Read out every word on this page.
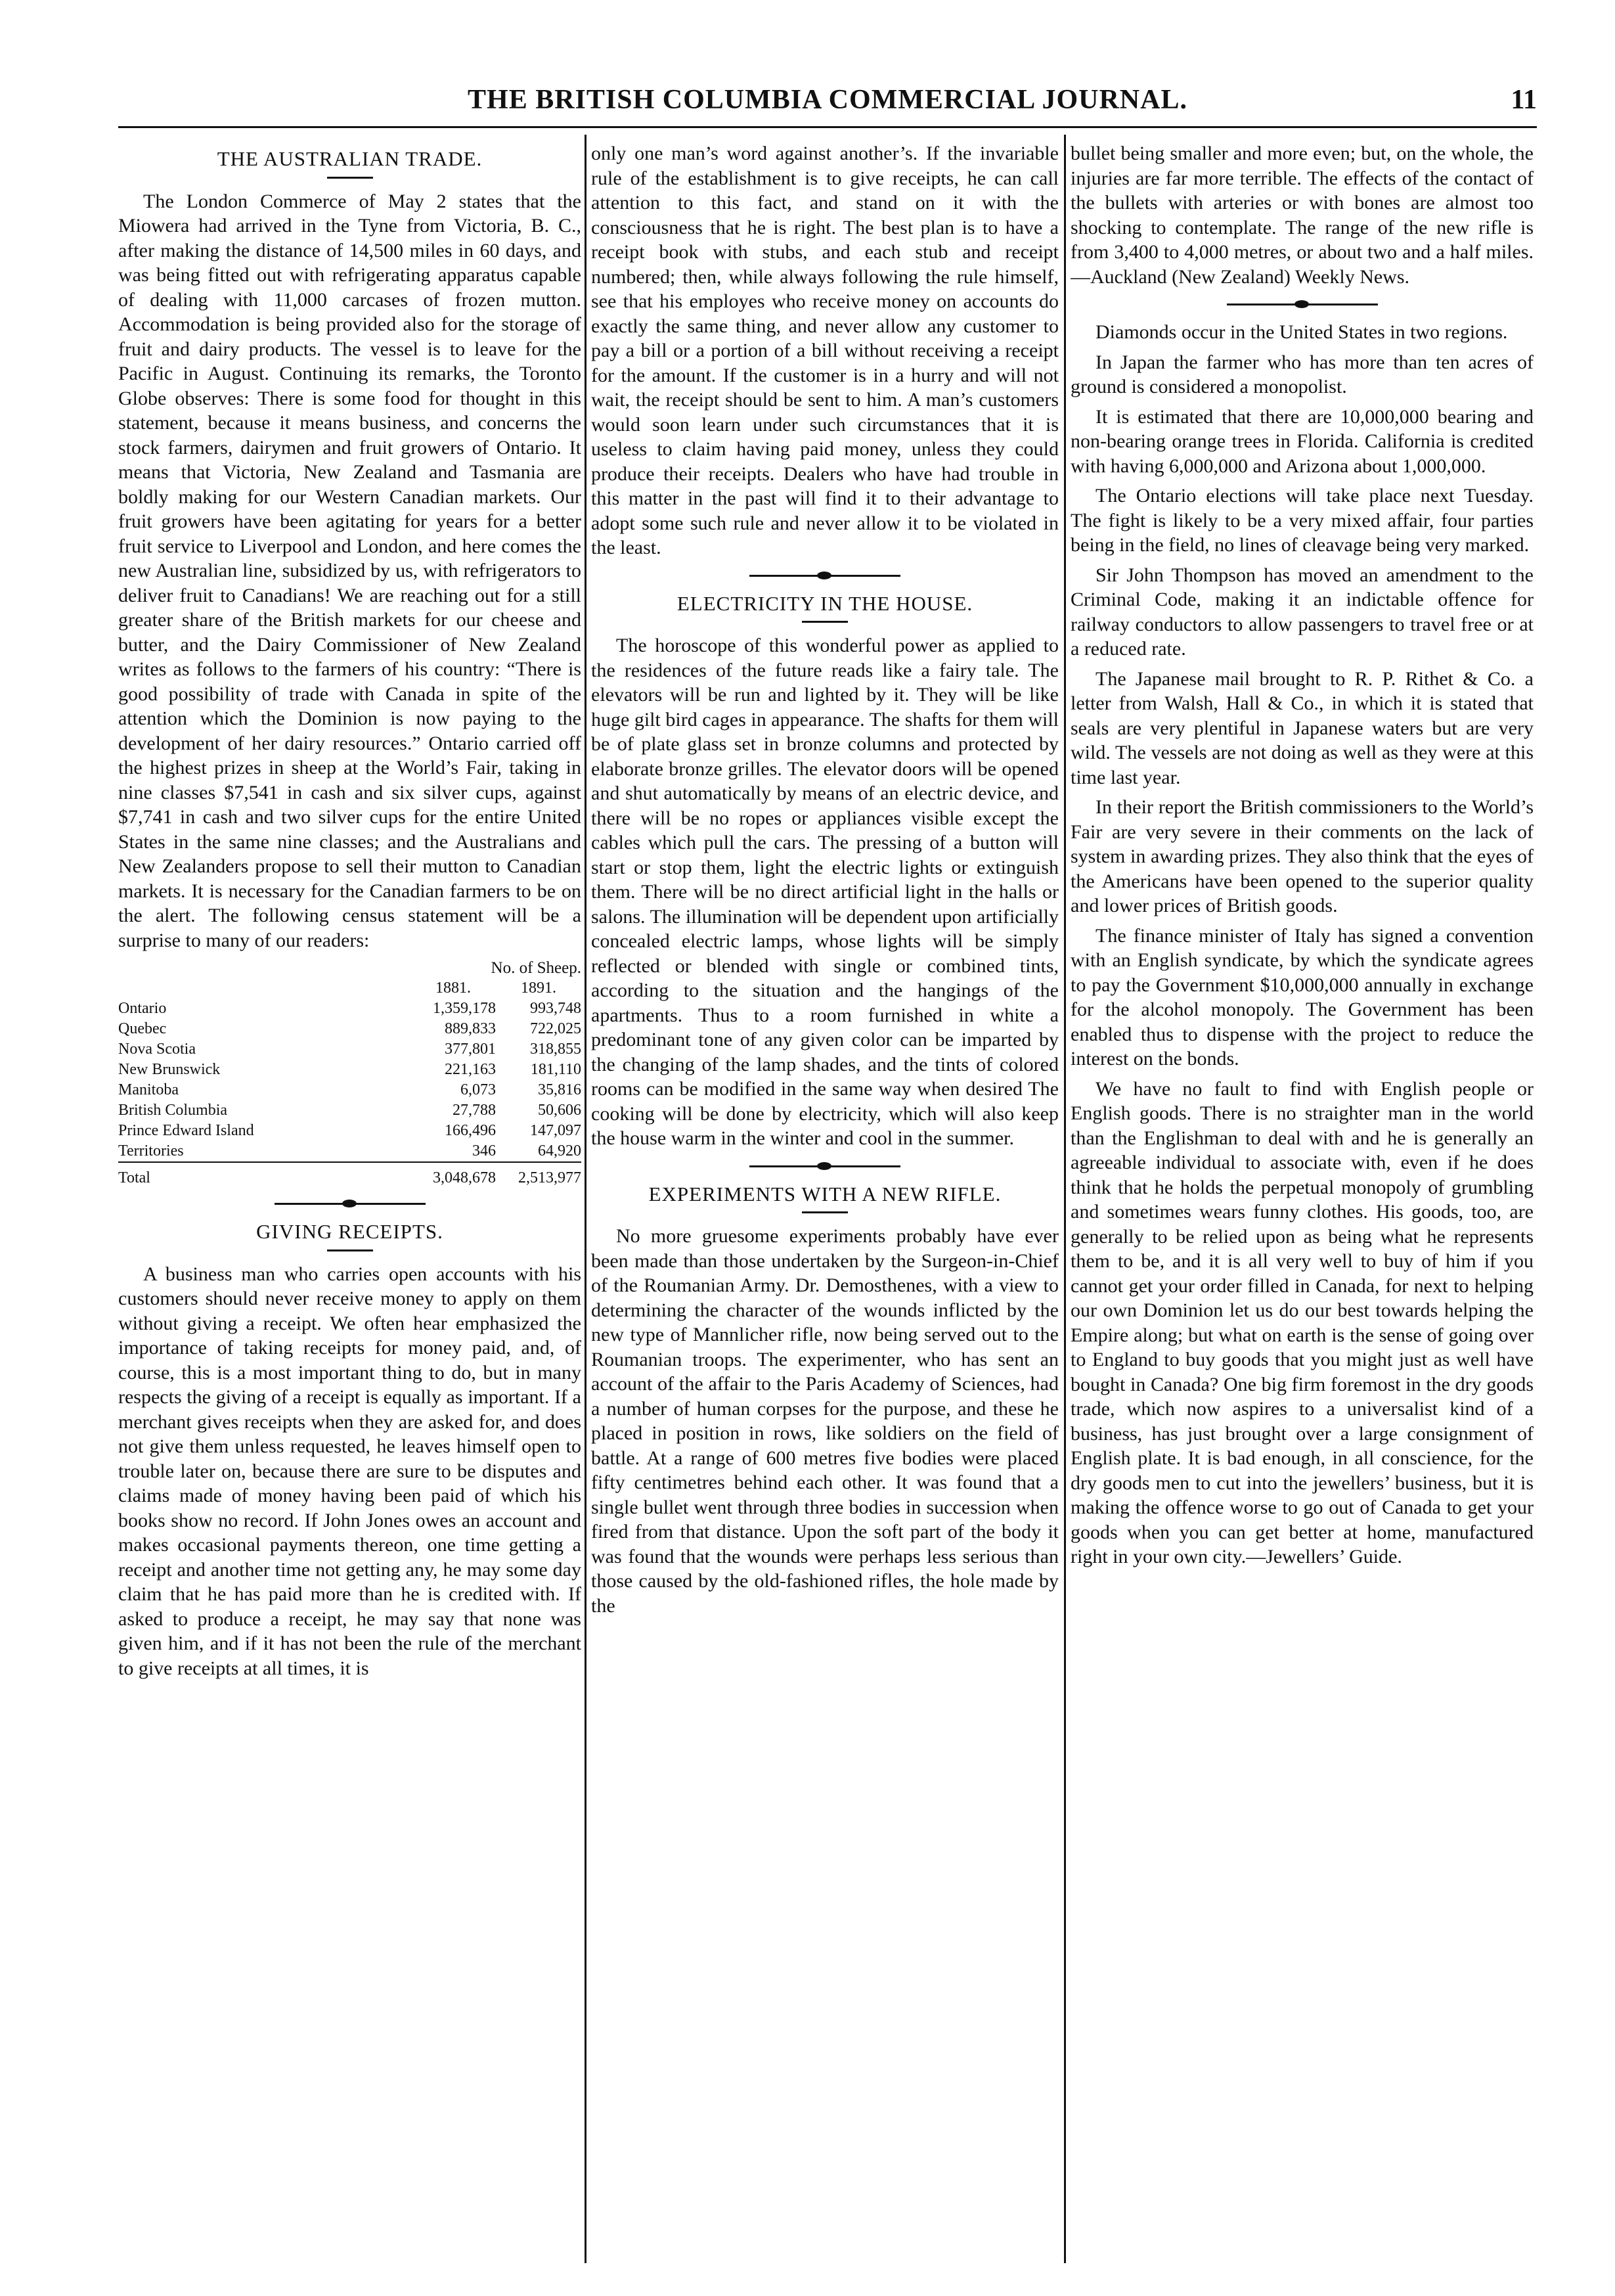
THE BRITISH COLUMBIA COMMERCIAL JOURNAL.	11
THE AUSTRALIAN TRADE.

The London Commerce of May 2 states that the Miowera had arrived in the Tyne from Victoria, B. C., after making the distance of 14,500 miles in 60 days, and was being fitted out with refrigerating apparatus capable of dealing with 11,000 carcases of frozen mutton. Accommodation is being provided also for the storage of fruit and dairy products. The vessel is to leave for the Pacific in August. Continuing its remarks, the Toronto Globe observes: There is some food for thought in this statement, because it means business, and concerns the stock farmers, dairymen and fruit growers of Ontario. It means that Victoria, New Zealand and Tasmania are boldly making for our Western Canadian markets. Our fruit growers have been agitating for years for a better fruit service to Liverpool and London, and here comes the new Australian line, subsidized by us, with refrigerators to deliver fruit to Canadians! We are reaching out for a still greater share of the British markets for our cheese and butter, and the Dairy Commissioner of New Zealand writes as follows to the farmers of his country: “There is good possibility of trade with Canada in spite of the attention which the Dominion is now paying to the development of her dairy resources.” Ontario carried off the highest prizes in sheep at the World’s Fair, taking in nine classes $7,541 in cash and six silver cups, against $7,741 in cash and two silver cups for the entire United States in the same nine classes; and the Australians and New Zealanders propose to sell their mutton to Canadian markets. It is necessary for the Canadian farmers to be on the alert. The following census statement will be a surprise to many of our readers:

	No. of Sheep.	
	1881.	1891.
Ontario	1,359,178	993,748
Quebec	889,833	722,025
Nova Scotia	377,801	318,855
New Brunswick	221,163	181,110
Manitoba	6,073	35,816
British Columbia	27,788	50,606
Prince Edward Island	166,496	147,097
Territories	346	64,920
Total	3,048,678	2,513,977
GIVING RECEIPTS.

A business man who carries open accounts with his customers should never receive money to apply on them without giving a receipt. We often hear emphasized the importance of taking receipts for money paid, and, of course, this is a most important thing to do, but in many respects the giving of a receipt is equally as important. If a merchant gives receipts when they are asked for, and does not give them unless requested, he leaves himself open to trouble later on, because there are sure to be disputes and claims made of money having been paid of which his books show no record. If John Jones owes an account and makes occasional payments thereon, one time getting a receipt and another time not getting any, he may some day claim that he has paid more than he is credited with. If asked to produce a receipt, he may say that none was given him, and if it has not been the rule of the merchant to give receipts at all times, it is

only one man’s word against another’s. If the invariable rule of the establishment is to give receipts, he can call attention to this fact, and stand on it with the consciousness that he is right. The best plan is to have a receipt book with stubs, and each stub and receipt numbered; then, while always following the rule himself, see that his employes who receive money on accounts do exactly the same thing, and never allow any customer to pay a bill or a portion of a bill without receiving a receipt for the amount. If the customer is in a hurry and will not wait, the receipt should be sent to him. A man’s customers would soon learn under such circumstances that it is useless to claim having paid money, unless they could produce their receipts. Dealers who have had trouble in this matter in the past will find it to their advantage to adopt some such rule and never allow it to be violated in the least.

ELECTRICITY IN THE HOUSE.

The horoscope of this wonderful power as applied to the residences of the future reads like a fairy tale. The elevators will be run and lighted by it. They will be like huge gilt bird cages in appearance. The shafts for them will be of plate glass set in bronze columns and protected by elaborate bronze grilles. The elevator doors will be opened and shut automatically by means of an electric device, and there will be no ropes or appliances visible except the cables which pull the cars. The pressing of a button will start or stop them, light the electric lights or extinguish them. There will be no direct artificial light in the halls or salons. The illumination will be dependent upon artificially concealed electric lamps, whose lights will be simply reflected or blended with single or combined tints, according to the situation and the hangings of the apartments. Thus to a room furnished in white a predominant tone of any given color can be imparted by the changing of the lamp shades, and the tints of colored rooms can be modified in the same way when desired The cooking will be done by electricity, which will also keep the house warm in the winter and cool in the summer.

EXPERIMENTS WITH A NEW RIFLE.

No more gruesome experiments probably have ever been made than those undertaken by the Surgeon-in-Chief of the Roumanian Army. Dr. Demosthenes, with a view to determining the character of the wounds inflicted by the new type of Mannlicher rifle, now being served out to the Roumanian troops. The experimenter, who has sent an account of the affair to the Paris Academy of Sciences, had a number of human corpses for the purpose, and these he placed in position in rows, like soldiers on the field of battle. At a range of 600 metres five bodies were placed fifty centimetres behind each other. It was found that a single bullet went through three bodies in succession when fired from that distance. Upon the soft part of the body it was found that the wounds were perhaps less serious than those caused by the old-fashioned rifles, the hole made by the

bullet being smaller and more even; but, on the whole, the injuries are far more terrible. The effects of the contact of the bullets with arteries or with bones are almost too shocking to contemplate. The range of the new rifle is from 3,400 to 4,000 metres, or about two and a half miles.—Auckland (New Zealand) Weekly News.

Diamonds occur in the United States in two regions.

In Japan the farmer who has more than ten acres of ground is considered a monopolist.

It is estimated that there are 10,000,000 bearing and non-bearing orange trees in Florida. California is credited with having 6,000,000 and Arizona about 1,000,000.

The Ontario elections will take place next Tuesday. The fight is likely to be a very mixed affair, four parties being in the field, no lines of cleavage being very marked.

Sir John Thompson has moved an amendment to the Criminal Code, making it an indictable offence for railway conductors to allow passengers to travel free or at a reduced rate.

The Japanese mail brought to R. P. Rithet & Co. a letter from Walsh, Hall & Co., in which it is stated that seals are very plentiful in Japanese waters but are very wild. The vessels are not doing as well as they were at this time last year.

In their report the British commissioners to the World’s Fair are very severe in their comments on the lack of system in awarding prizes. They also think that the eyes of the Americans have been opened to the superior quality and lower prices of British goods.

The finance minister of Italy has signed a convention with an English syndicate, by which the syndicate agrees to pay the Government $10,000,000 annually in exchange for the alcohol monopoly. The Government has been enabled thus to dispense with the project to reduce the interest on the bonds.

We have no fault to find with English people or English goods. There is no straighter man in the world than the Englishman to deal with and he is generally an agreeable individual to associate with, even if he does think that he holds the perpetual monopoly of grumbling and sometimes wears funny clothes. His goods, too, are generally to be relied upon as being what he represents them to be, and it is all very well to buy of him if you cannot get your order filled in Canada, for next to helping our own Dominion let us do our best towards helping the Empire along; but what on earth is the sense of going over to England to buy goods that you might just as well have bought in Canada? One big firm foremost in the dry goods trade, which now aspires to a universalist kind of a business, has just brought over a large consignment of English plate. It is bad enough, in all conscience, for the dry goods men to cut into the jewellers’ business, but it is making the offence worse to go out of Canada to get your goods when you can get better at home, manufactured right in your own city.—Jewellers’ Guide.
